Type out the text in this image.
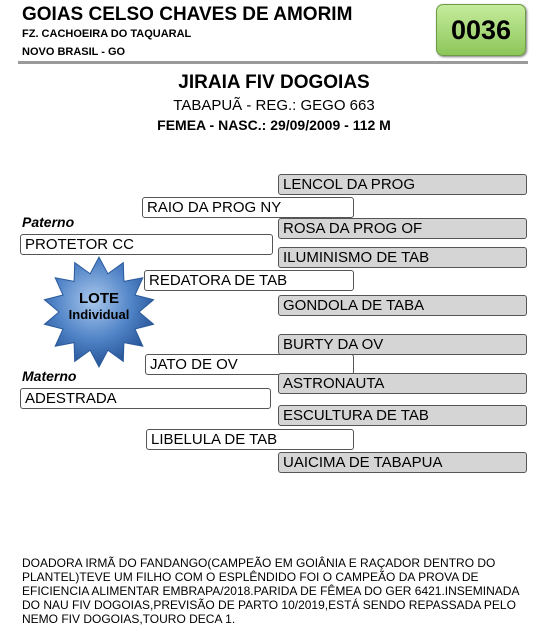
GOIAS CELSO CHAVES DE AMORIM
FZ. CACHOEIRA DO TAQUARAL
NOVO BRASIL - GO
0036
JIRAIA FIV DOGOIAS
TABAPUÃ - REG.: GEGO 663
FEMEA - NASC.: 29/09/2009 - 112 M
LOTE
Individual
Paterno
Materno
PROTETOR CC
ADESTRADA
RAIO DA PROG NY
REDATORA DE TAB
JATO DE OV
LIBELULA DE TAB
LENCOL DA PROG
ROSA DA PROG OF
ILUMINISMO DE TAB
GONDOLA DE TABA
BURTY DA OV
ASTRONAUTA
ESCULTURA DE TAB
UAICIMA DE TABAPUA
DOADORA IRMÃ DO FANDANGO(CAMPEÃO EM GOIÂNIA E RAÇADOR DENTRO DO PLANTEL)TEVE UM FILHO COM O ESPLÊNDIDO FOI O CAMPEÃO DA PROVA DE EFICIENCIA ALIMENTAR EMBRAPA/2018.PARIDA DE FÊMEA DO GER 6421.INSEMINADA DO NAU FIV DOGOIAS,PREVISÃO DE PARTO 10/2019,ESTÁ SENDO REPASSADA PELO NEMO FIV DOGOIAS,TOURO DECA 1.
